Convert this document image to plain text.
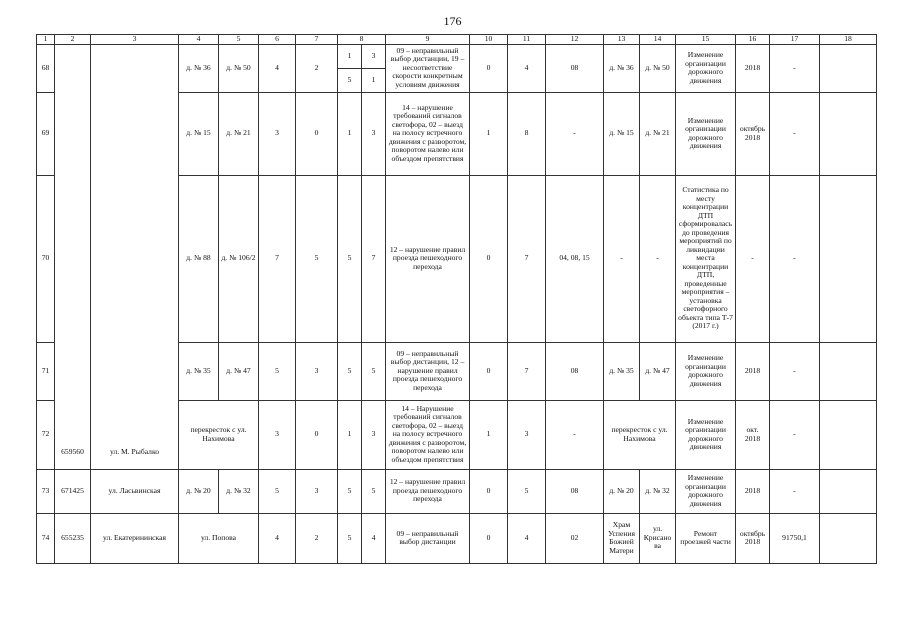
176
1	2	3	4	5	6	7	8		9	10	11	12	13	14	15	16	17	18
68	659560	ул. М. Рыбалко	д. № 36	д. № 50	4	2	1	3	09 – неправильный выбор дистанции, 19 – несоответствие скорости конкретным условиям движения	0	4	08	д. № 36	д. № 50	Изменение организации дорожного движения	2018	-	
							5	1										
69			д. № 15	д. № 21	3	0	1	3	14 – нарушение требований сигналов светофора, 02 – выезд на полосу встречного движения с разворотом, поворотом налево или объездом препятствия	1	8	-	д. № 15	д. № 21	Изменение организации дорожного движения	октябрь 2018	-	
70			д. № 88	д. № 106/2	7	5	5	7	12 – нарушение правил проезда пешеходного перехода	0	7	04, 08, 15	-	-	Статистика по месту концентрации ДТП сформировалась до проведения мероприятий по ликвидации места концентрации ДТП, проведенные мероприятия – установка светофорного объекта типа Т-7 (2017 г.)	-	-	
71			д. № 35	д. № 47	5	3	5	5	09 – неправильный выбор дистанции, 12 – нарушение правил проезда пешеходного перехода	0	7	08	д. № 35	д. № 47	Изменение организации дорожного движения	2018	-	
72			перекресток с ул. Нахимова		3	0	1	3	14 – Нарушение требований сигналов светофора, 02 – выезд на полосу встречного движения с разворотом, поворотом налево или объездом препятствия	1	3	-	перекресток с ул. Нахимова		Изменение организации дорожного движения	окт. 2018	-	
73	671425	ул. Ласьвинская	д. № 20	д. № 32	5	3	5	5	12 – нарушение правил проезда пешеходного перехода	0	5	08	д. № 20	д. № 32	Изменение организации дорожного движения	2018	-	
74	655235	ул. Екатерининская	ул. Попова		4	2	5	4	09 – неправильный выбор дистанции	0	4	02	Храм Успения Божией Матери	ул. Крисанова	Ремонт проезжей части	октябрь 2018	91750,1	
